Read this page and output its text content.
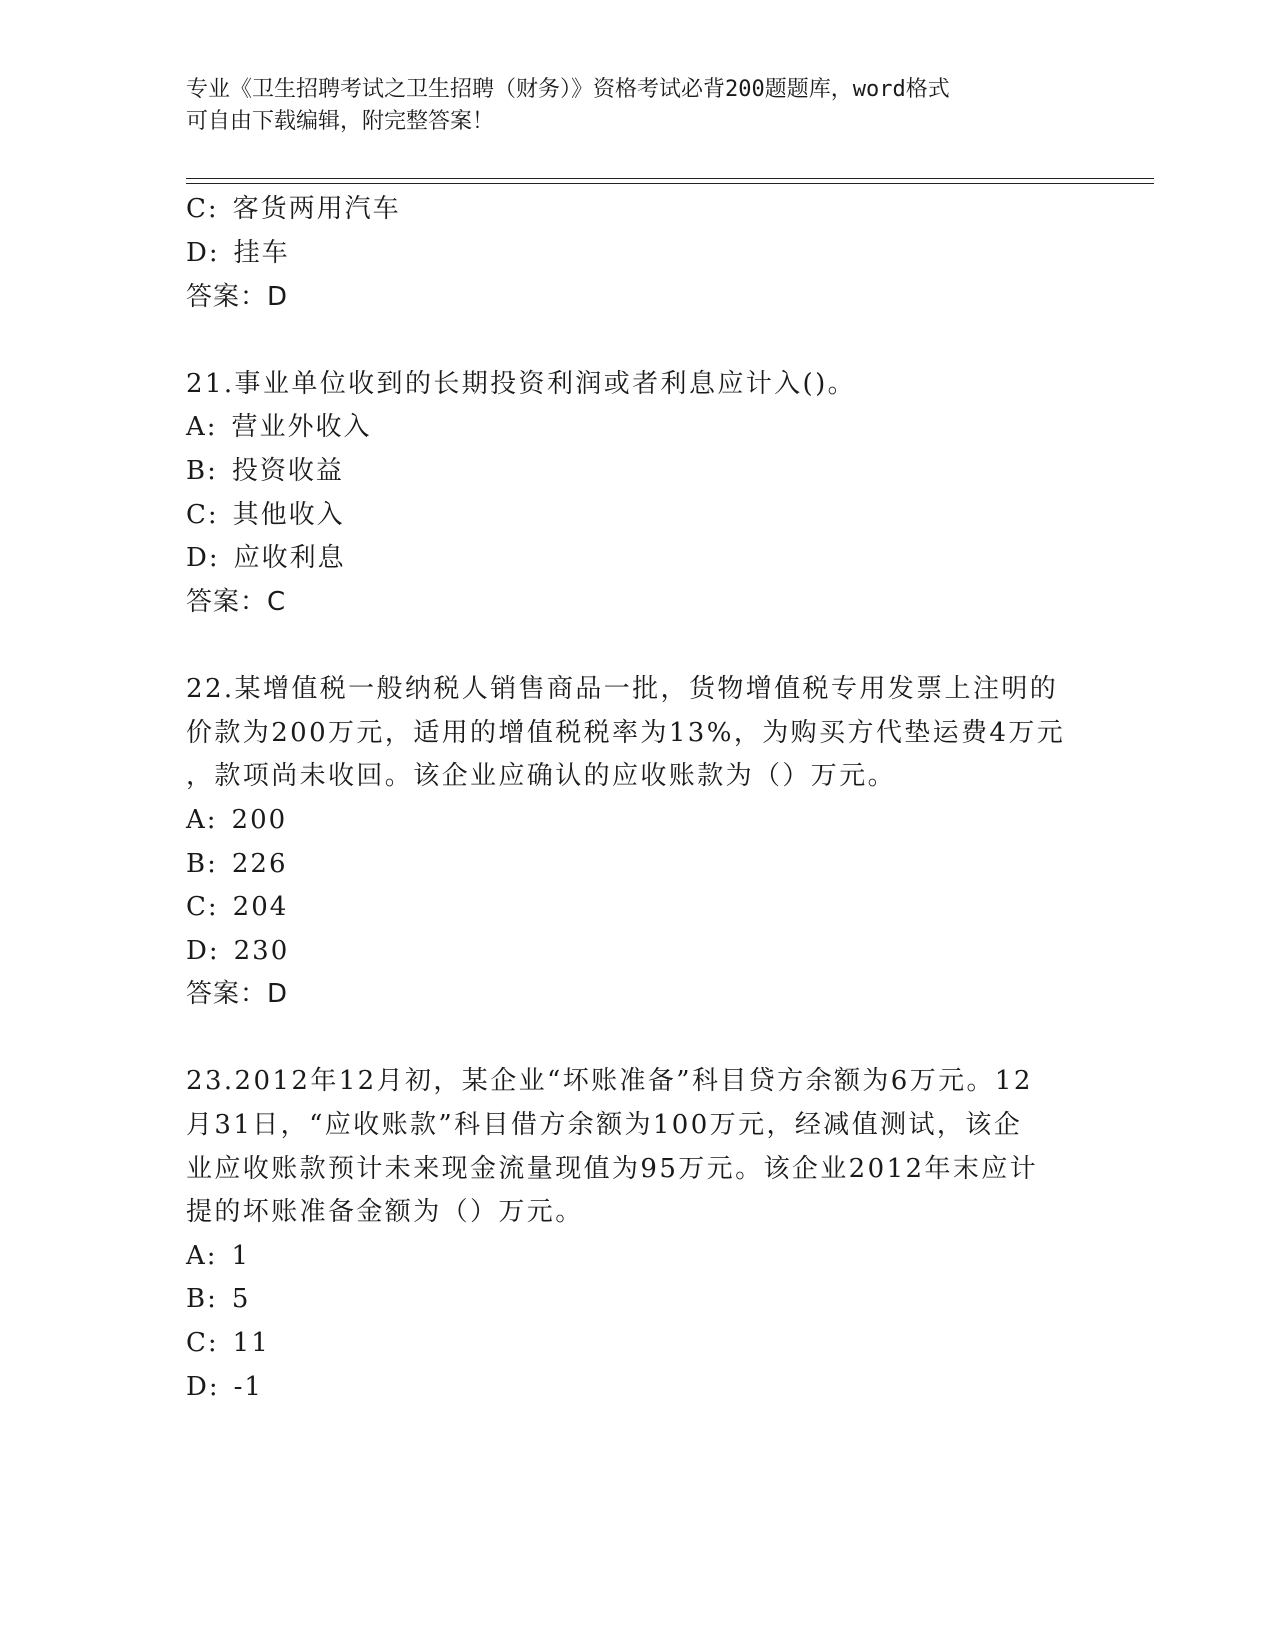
专业《卫生招聘考试之卫生招聘（财务）》资格考试必背200题题库，word格式
可自由下载编辑，附完整答案！
C: 客货两用汽车
D: 挂车
答案：D
21.事业单位收到的长期投资利润或者利息应计入()。
A: 营业外收入
B: 投资收益
C: 其他收入
D: 应收利息
答案：C
22.某增值税一般纳税人销售商品一批，货物增值税专用发票上注明的
价款为200万元，适用的增值税税率为13%，为购买方代垫运费4万元
，款项尚未收回。该企业应确认的应收账款为（）万元。
A: 200
B: 226
C: 204
D: 230
答案：D
23.2012年12月初，某企业“坏账准备”科目贷方余额为6万元。12
月31日，“应收账款”科目借方余额为100万元，经减值测试，该企
业应收账款预计未来现金流量现值为95万元。该企业2012年末应计
提的坏账准备金额为（）万元。
A: 1
B: 5
C: 11
D: -1
